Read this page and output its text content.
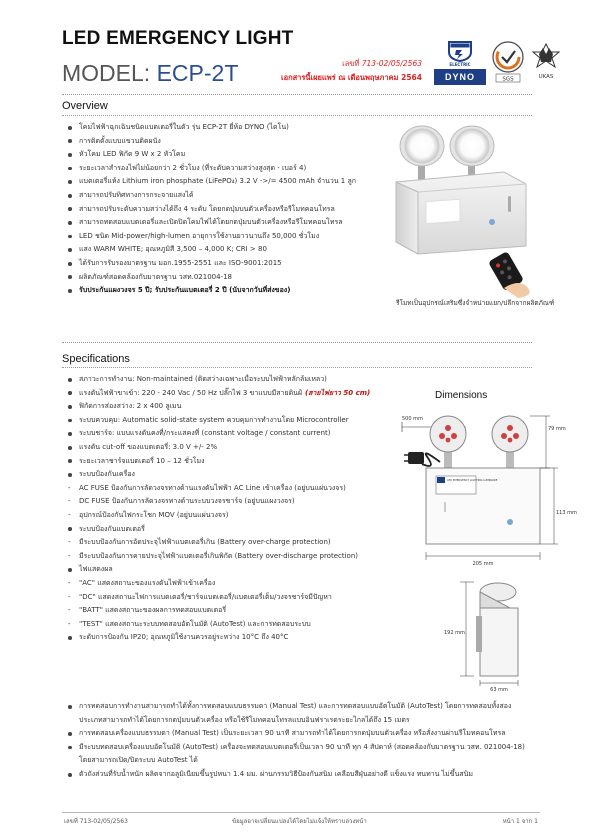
LED EMERGENCY LIGHT
MODEL: ECP-2T	เลขที่ 713-02/05/2563
เอกสารนี้เผยแพร่ ณ เดือนพฤษภาคม 2564
ELECTRIC
DYNO	SGS	UKAS
Overview
โคมไฟฟ้าฉุกเฉินชนิดแบตเตอรี่ในตัว รุ่น ECP-2T ยี่ห้อ DYNO (ไดโน)
การติดตั้งแบบแขวนติดผนัง
หัวโคม LED ฟิกัด 9 W x 2 หัวโคม
ระยะเวลาสำรองไฟไม่น้อยกว่า 2 ชั่วโมง (ที่ระดับความสว่างสูงสุด - เบอร์ 4)
แบตเตอรี่แห้ง Lithium iron phosphate (LiFePO₄) 3.2 V ->/= 4500 mAh จำนวน 1 ลูก
สามารถปรับทิศทางการกระจายแสงได้
สามารถปรับระดับความสว่างได้ถึง 4 ระดับ โดยกดปุ่มบนตัวเครื่องหรือรีโมทคอนโทรล
สามารถทดสอบแบตเตอรี่และเปิดปิดโคมไฟได้โดยกดปุ่มบนตัวเครื่องหรือรีโมทคอนโทรล
LED ชนิด Mid-power/high-lumen อายุการใช้งานยาวนานถึง 50,000 ชั่วโมง
แสง WARM WHITE; อุณหภูมิสี 3,500 – 4,000 K; CRI > 80
ได้รับการรับรองมาตรฐาน มอก.1955-2551 และ ISO-9001:2015
ผลิตภัณฑ์สอดคล้องกับมาตรฐาน วสท.021004-18
รับประกันแผงวงจร 5 ปี; รับประกันแบตเตอรี่ 2 ปี (นับจากวันที่ส่งของ)
รีโมทเป็นอุปกรณ์เสริมซึ่งจำหน่ายแยก/ปลีกจากผลิตภัณฑ์
Specifications
สภาวะการทำงาน: Non-maintained (ติดสว่างเฉพาะเมื่อระบบไฟฟ้าหลักล้มเหลว)
แรงดันไฟฟ้าขาเข้า: 220 - 240 Vac / 50 Hz ปลั๊กไฟ 3 ขาแบบมีสายดินฝ์ (สายไฟยาว 50 cm)
ฟิกัดการส่องสว่าง: 2 x 400 ลูเมน
ระบบควบคุม: Automatic solid-state system ควบคุมการทำงานโดย Microcontroller
ระบบชาร์จ: แบบแรงดันคงที่/กระแสคงที่ (constant voltage / constant current)
แรงดัน cut-off ของแบตเตอรี่: 3.0 V +/- 2%
ระยะเวลาชาร์จแบตเตอรี่ 10 – 12 ชั่วโมง
ระบบป้องกันเครื่อง
- AC FUSE ป้องกันการลัดวงจรทางด้านแรงดันไฟฟ้า AC Line เข้าเครื่อง (อยู่บนแผ่นวงจร)
- DC FUSE ป้องกันการลัดวงจรทางด้านระบบวงจรชาร์จ (อยู่บนแผงวงจร)
- อุปกรณ์ป้องกันไฟกระโชก MOV (อยู่บนแผ่นวงจร)
ระบบป้องกันแบตเตอรี่
- มีระบบป้องกันการอัดประจุไฟฟ้าแบตเตอรี่เกิน (Battery over-charge protection)
- มีระบบป้องกันการคายประจุไฟฟ้าแบตเตอรี่เกินพิกัด (Battery over-discharge protection)
ไฟแสดงผล
- "AC" แสดงสถานะของแรงดันไฟฟ้าเข้าเครื่อง
- "DC" แสดงสถานะไฟการแบตเตอรี่/ชาร์จแบตเตอรี่/แบตเตอรี่เต็ม/วงจรชาร์จมีปัญหา
- "BATT" แสดงสถานะของผลการทดสอบแบตเตอรี่
- "TEST" แสดงสถานะระบบทดสอบอัตโนมัติ (AutoTest) และการทดสอบระบบ
ระดับการป้องกัน IP20; อุณหภูมิใช้งานควรอยู่ระหว่าง 10°C ถึง 40°C
การทดสอบการทำงานสามารถทำได้ทั้งการทดสอบแบบธรรมดา (Manual Test) และการทดสอบแบบอัตโนมัติ (AutoTest) โดยการทดสอบทั้งสองประเภทสามารถทำได้โดยการกดปุ่มบนตัวเครื่อง หรือใช้รีโมทคอนโทรลแบบอินฟราเรดระยะไกลได้ถึง 15 เมตร
การทดสอบเครื่องแบบธรรมดา (Manual Test) เป็นระยะเวลา 90 นาที สามารถทำได้โดยการกดปุ่มบนตัวเครื่อง หรือสั่งงานผ่านรีโมทคอนโทรล
มีระบบทดสอบเครื่องแบบอัตโนมัติ (AutoTest) เครื่องจะทดสอบแบตเตอรี่เป็นเวลา 90 นาที ทุก 4 สัปดาห์ (สอดคล้องกับมาตรฐาน วสท. 021004-18) โดยสามารถเปิด/ปิดระบบ AutoTest ได้
ตัวถังส่วนที่รับน้ำหนัก ผลิตจากอลูมิเนียมขึ้นรูปหนา 1.4 มม. ผ่านกรรมวิธีป้องกันสนิม เคลือบสีฝุ่นอย่างดี แข็งแรง ทนทาน ไม่ขึ้นสนิม
Dimensions
500 mm
79 mm
LED EMERGENCY LIGHTING LUMINAIRE
113 mm
205 mm
192 mm
63 mm
เลขที่ 713-02/05/2563	ข้อมูลอาจเปลี่ยนแปลงได้โดยไม่แจ้งให้ทราบล่วงหน้า	หน้า 1 จาก 1
